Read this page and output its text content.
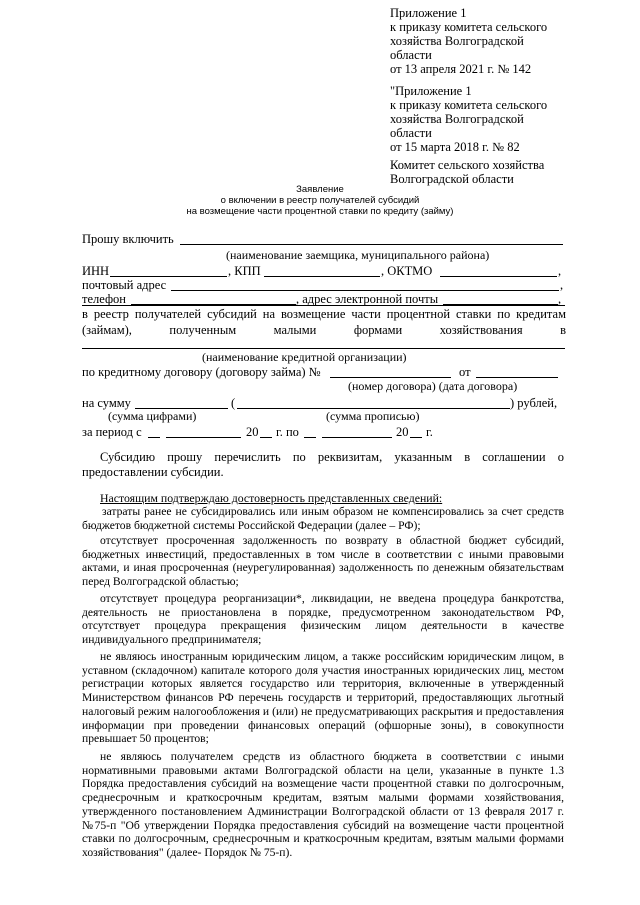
Приложение 1
к приказу комитета сельского
хозяйства Волгоградской
области
от 13 апреля 2021 г. № 142
"Приложение 1
к приказу комитета сельского
хозяйства Волгоградской
области
от 15 марта 2018 г. № 82
Комитет сельского хозяйства
Волгоградской области
Заявление
о включении в реестр получателей субсидий
на возмещение части процентной ставки по кредиту (займу)
Прошу включить
(наименование заемщика, муниципального района)
ИНН	, КПП	, ОКТМО	,
почтовый адрес	,
телефон	, адрес электронной почты	,
в реестр получателей субсидий на возмещение части процентной ставки по кредитам
(займам),	полученным	малыми	формами	хозяйствования	в
(наименование кредитной организации)
по кредитному договору (договору займа) №	от
(номер договора) (дата договора)
на сумму	(	) рублей,
(сумма цифрами)	(сумма прописью)
за период с	20 г. по	20 г.
Субсидию прошу перечислить по реквизитам, указанным в соглашении о предоставлении субсидии.
Настоящим подтверждаю достоверность представленных сведений:
затраты ранее не субсидировались или иным образом не компенсировались за счет средств бюджетов бюджетной системы Российской Федерации (далее – РФ);
отсутствует просроченная задолженность по возврату в областной бюджет субсидий, бюджетных инвестиций, предоставленных в том числе в соответствии с иными правовыми актами, и иная просроченная (неурегулированная) задолженность по денежным обязательствам перед Волгоградской областью;
отсутствует процедура реорганизации*, ликвидации, не введена процедура банкротства, деятельность не приостановлена в порядке, предусмотренном законодательством РФ, отсутствует процедура прекращения физическим лицом деятельности в качестве индивидуального предпринимателя;
не являюсь иностранным юридическим лицом, а также российским юридическим лицом, в уставном (складочном) капитале которого доля участия иностранных юридических лиц, местом регистрации которых является государство или территория, включенные в утвержденный Министерством финансов РФ перечень государств и территорий, предоставляющих льготный налоговый режим налогообложения и (или) не предусматривающих раскрытия и предоставления информации при проведении финансовых операций (офшорные зоны), в совокупности превышает 50 процентов;
не являюсь получателем средств из областного бюджета в соответствии с иными нормативными правовыми актами Волгоградской области на цели, указанные в пункте 1.3 Порядка предоставления субсидий на возмещение части процентной ставки по долгосрочным, среднесрочным и краткосрочным кредитам, взятым малыми формами хозяйствования, утвержденного постановлением Администрации Волгоградской области от 13 февраля 2017 г. №75-п "Об утверждении Порядка предоставления субсидий на возмещение части процентной ставки по долгосрочным, среднесрочным и краткосрочным кредитам, взятым малыми формами хозяйствования" (далее- Порядок № 75-п).
